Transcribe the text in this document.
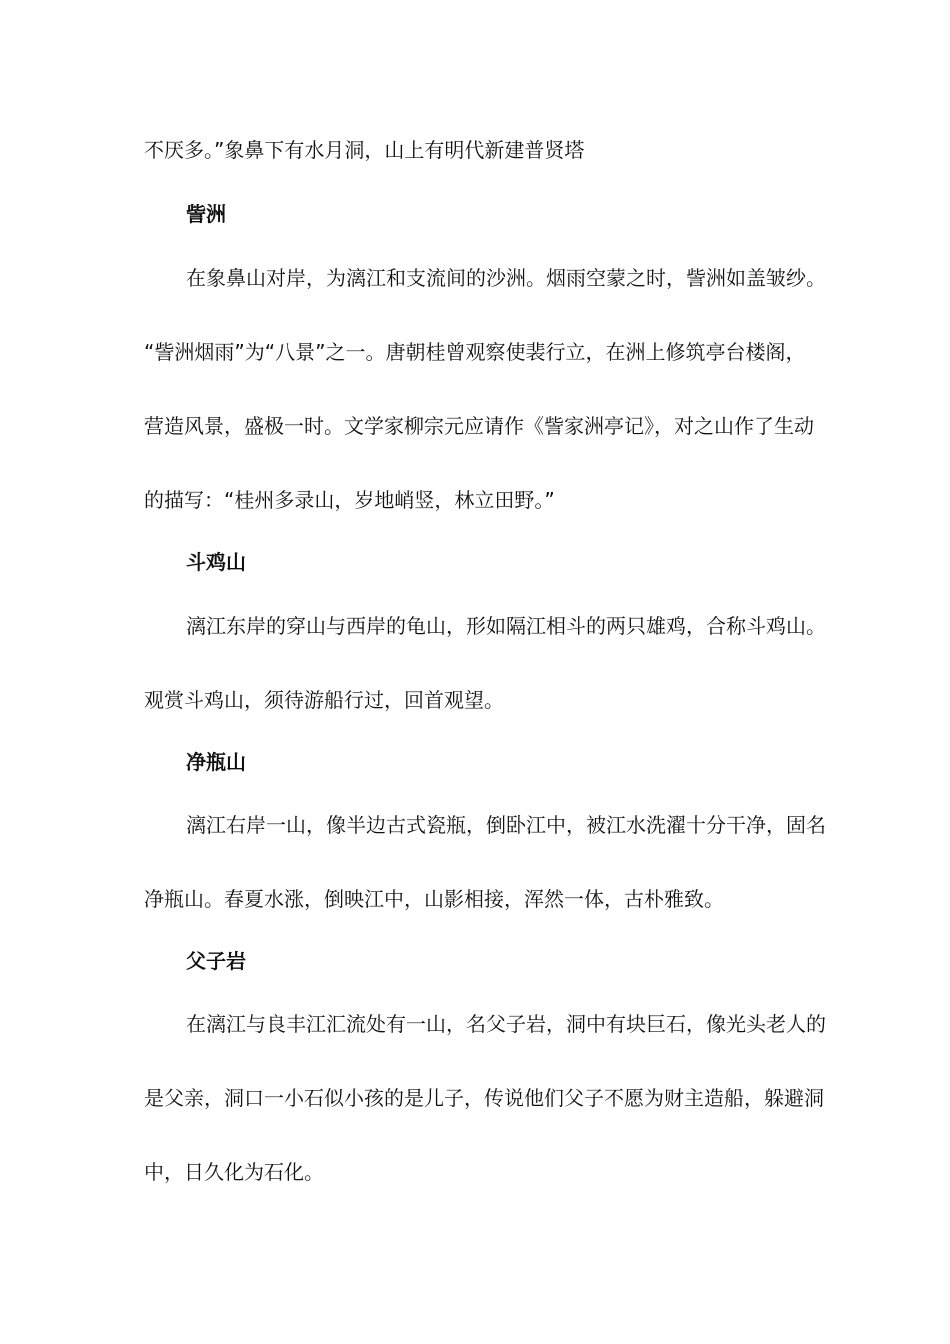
不厌多。”象鼻下有水月洞，山上有明代新建普贤塔
訾洲
在象鼻山对岸，为漓江和支流间的沙洲。烟雨空蒙之时，訾洲如盖皱纱。
“訾洲烟雨”为“八景”之一。唐朝桂曾观察使裴行立，在洲上修筑亭台楼阁，
营造风景，盛极一时。文学家柳宗元应请作《訾家洲亭记》，对之山作了生动
的描写：“桂州多录山，岁地峭竖，林立田野。”
斗鸡山
漓江东岸的穿山与西岸的龟山，形如隔江相斗的两只雄鸡，合称斗鸡山。
观赏斗鸡山，须待游船行过，回首观望。
净瓶山
漓江右岸一山，像半边古式瓷瓶，倒卧江中，被江水洗濯十分干净，固名
净瓶山。春夏水涨，倒映江中，山影相接，浑然一体，古朴雅致。
父子岩
在漓江与良丰江汇流处有一山，名父子岩，洞中有块巨石，像光头老人的
是父亲，洞口一小石似小孩的是儿子，传说他们父子不愿为财主造船，躲避洞
中，日久化为石化。
